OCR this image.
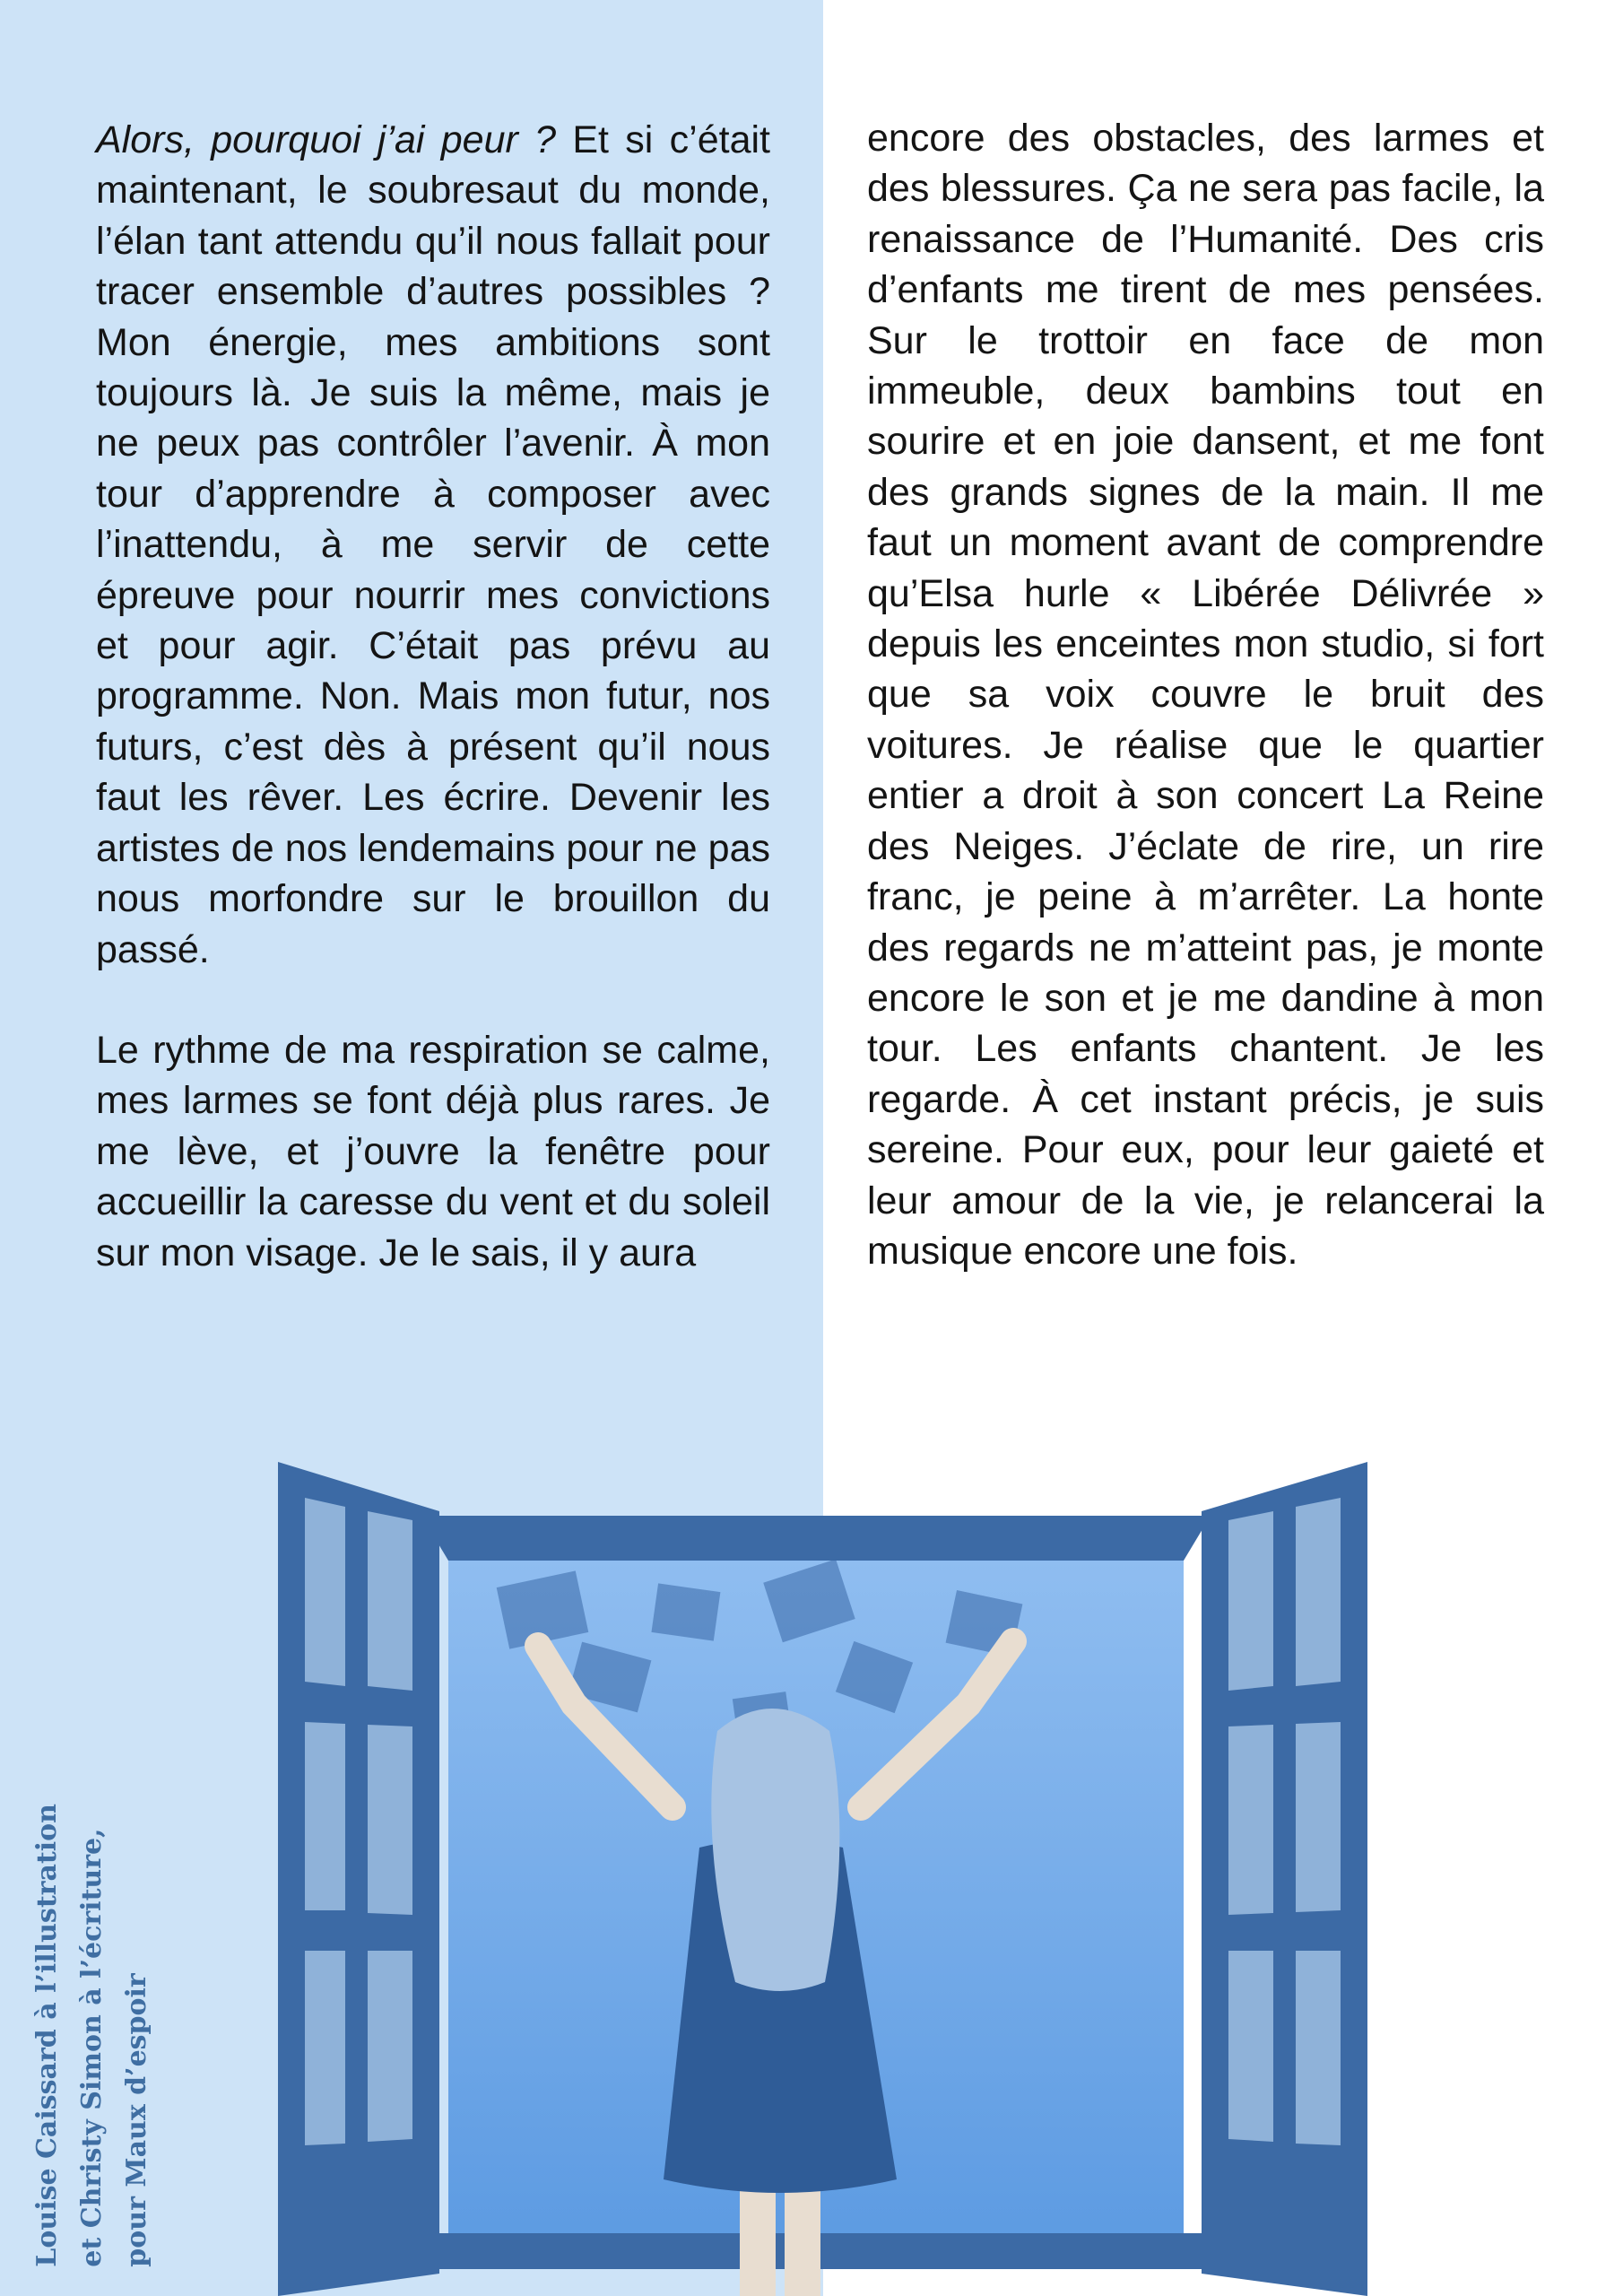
Alors, pourquoi j’ai peur ? Et si c’était maintenant, le soubresaut du monde, l’élan tant attendu qu’il nous fallait pour tracer ensemble d’autres possibles ? Mon énergie, mes ambitions sont toujours là. Je suis la même, mais je ne peux pas contrôler l’avenir. À mon tour d’apprendre à composer avec l’inattendu, à me servir de cette épreuve pour nourrir mes convictions et pour agir. C’était pas prévu au programme. Non. Mais mon futur, nos futurs, c’est dès à présent qu’il nous faut les rêver. Les écrire. Devenir les artistes de nos lendemains pour ne pas nous morfondre sur le brouillon du passé.

Le rythme de ma respiration se calme, mes larmes se font déjà plus rares. Je me lève, et j’ouvre la fenêtre pour accueillir la caresse du vent et du soleil sur mon visage. Je le sais, il y aura

encore des obstacles, des larmes et des blessures. Ça ne sera pas facile, la renaissance de l’Humanité. Des cris d’enfants me tirent de mes pensées. Sur le trottoir en face de mon immeuble, deux bambins tout en sourire et en joie dansent, et me font des grands signes de la main. Il me faut un moment avant de comprendre qu’Elsa hurle « Libérée Délivrée » depuis les enceintes mon studio, si fort que sa voix couvre le bruit des voitures. Je réalise que le quartier entier a droit à son concert La Reine des Neiges. J’éclate de rire, un rire franc, je peine à m’arrêter. La honte des regards ne m’atteint pas, je monte encore le son et je me dandine à mon tour. Les enfants chantent. Je les regarde. À cet instant précis, je suis sereine. Pour eux, pour leur gaieté et leur amour de la vie, je relancerai la musique encore une fois.

Louise Caissard à l’illustration et Christy Simon à l’écriture, pour Maux d’espoir
